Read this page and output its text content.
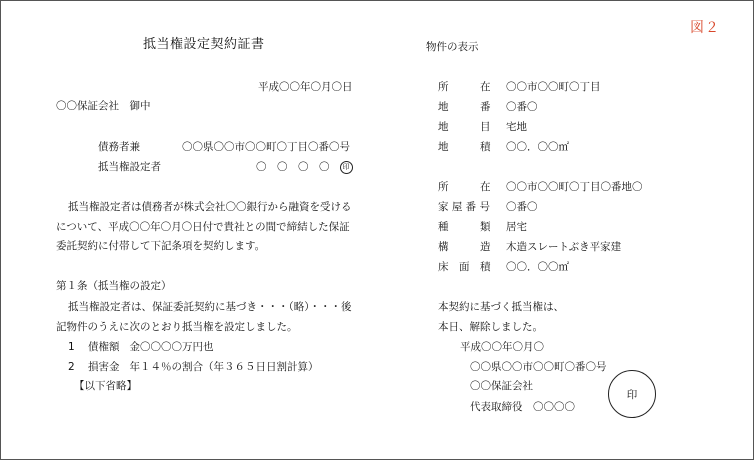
図２
抵当権設定契約証書
平成〇〇年〇月〇日
〇〇保証会社　御中
債務者兼	〇〇県〇〇市〇〇町〇丁目〇番〇号
抵当権設定者	〇　〇　〇　〇 印
抵当権設定者は債務者が株式会社〇〇銀行から融資を受ける
について、平成〇〇年〇月〇日付で貴社との間で締結した保証
委託契約に付帯して下記条項を契約します。
第１条（抵当権の設定）
抵当権設定者は、保証委託契約に基づき・・・（略）・・・後
記物件のうえに次のとおり抵当権を設定しました。
1 債権額 金〇〇〇〇万円也
2 損害金 年１４％の割合（年３６５日日割計算）
【以下省略】
物件の表示
所　　　在 〇〇市〇〇町〇丁目
地　　　番 〇番〇
地　　　目 宅地
地　　　積 〇〇．〇〇㎡
所　　　在 〇〇市〇〇町〇丁目〇番地〇
家 屋 番 号 〇番〇
種　　　類 居宅
構　　　造 木造スレートぶき平家建
床　面　積 〇〇．〇〇㎡
本契約に基づく抵当権は、
本日、解除しました。
平成〇〇年〇月〇
〇〇県〇〇市〇〇町〇番〇号
〇〇保証会社
代表取締役　〇〇〇〇
印
